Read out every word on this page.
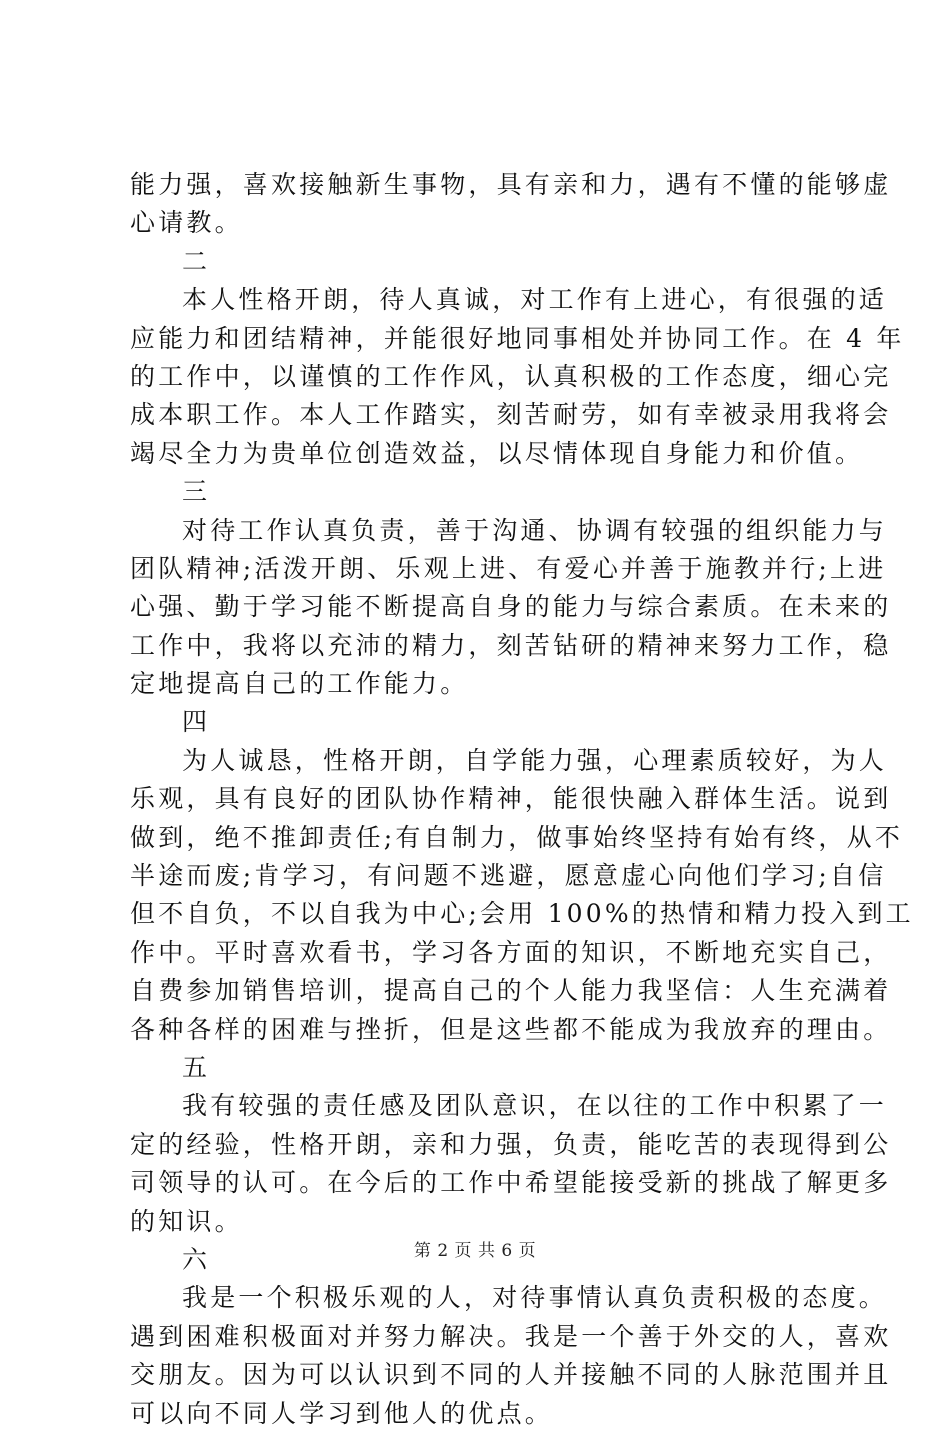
能力强，喜欢接触新生事物，具有亲和力，遇有不懂的能够虚
心请教。
二
本人性格开朗，待人真诚，对工作有上进心，有很强的适
应能力和团结精神，并能很好地同事相处并协同工作。在 4 年
的工作中，以谨慎的工作作风，认真积极的工作态度，细心完
成本职工作。本人工作踏实，刻苦耐劳，如有幸被录用我将会
竭尽全力为贵单位创造效益，以尽情体现自身能力和价值。
三
对待工作认真负责，善于沟通、协调有较强的组织能力与
团队精神;活泼开朗、乐观上进、有爱心并善于施教并行;上进
心强、勤于学习能不断提高自身的能力与综合素质。在未来的
工作中，我将以充沛的精力，刻苦钻研的精神来努力工作，稳
定地提高自己的工作能力。
四
为人诚恳，性格开朗，自学能力强，心理素质较好，为人
乐观，具有良好的团队协作精神，能很快融入群体生活。说到
做到，绝不推卸责任;有自制力，做事始终坚持有始有终，从不
半途而废;肯学习，有问题不逃避，愿意虚心向他们学习;自信
但不自负，不以自我为中心;会用 100%的热情和精力投入到工
作中。平时喜欢看书，学习各方面的知识，不断地充实自己，
自费参加销售培训，提高自己的个人能力我坚信：人生充满着
各种各样的困难与挫折，但是这些都不能成为我放弃的理由。
五
我有较强的责任感及团队意识，在以往的工作中积累了一
定的经验，性格开朗，亲和力强，负责，能吃苦的表现得到公
司领导的认可。在今后的工作中希望能接受新的挑战了解更多
的知识。
六
我是一个积极乐观的人，对待事情认真负责积极的态度。
遇到困难积极面对并努力解决。我是一个善于外交的人，喜欢
交朋友。因为可以认识到不同的人并接触不同的人脉范围并且
可以向不同人学习到他人的优点。
第 2 页 共 6 页
